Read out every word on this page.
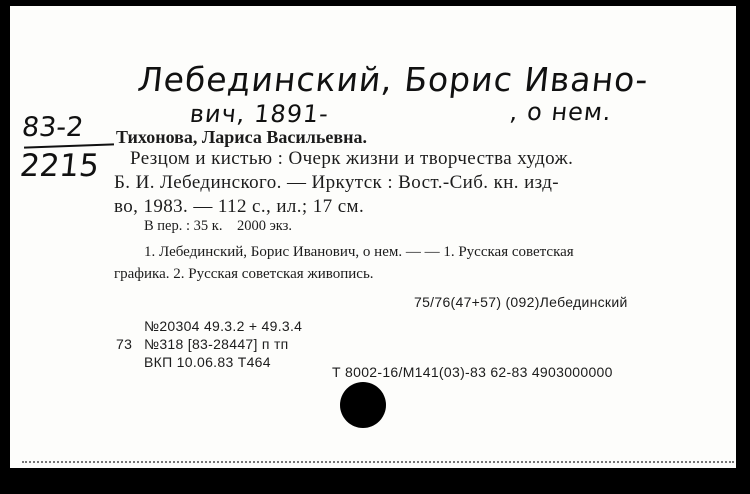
Лебединский, Борис Ивано-
вич, 1891-	, о нем.
83-2
2215
Тихонова, Лариса Васильевна.
Резцом и кистью : Очерк жизни и творчества худож.
Б. И. Лебединского. — Иркутск : Вост.-Сиб. кн. изд-
во, 1983. — 112 с., ил.; 17 см.
В пер. : 35 к.    2000 экз.
1. Лебединский, Борис Иванович, о нем. — — 1. Русская советская
графика. 2. Русская советская живопись.
75/76(47+57) (092)Лебединский
№20304 49.3.2 + 49.3.4
73 №318 [83-28447] п тп
ВКП 10.06.83 Т464
Т 8002-16/М141(03)-83 62-83 4903000000
